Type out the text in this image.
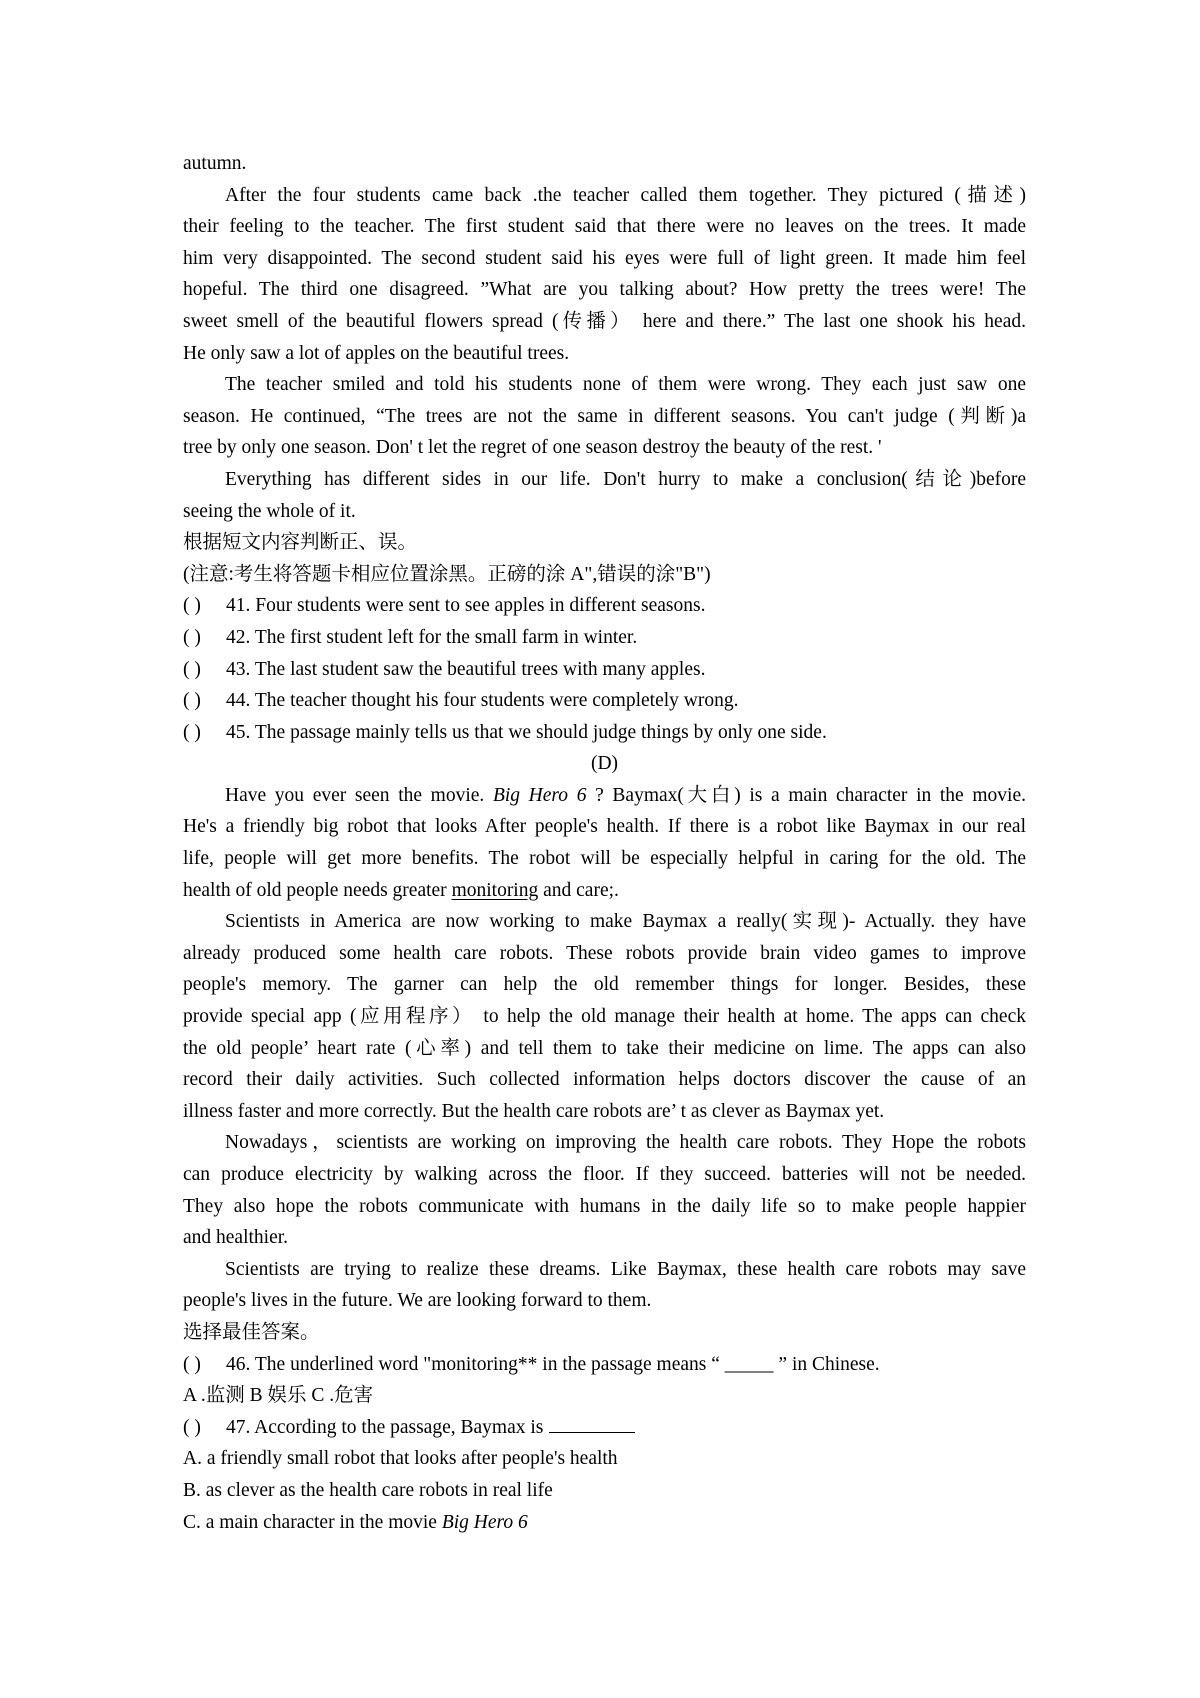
autumn.
After the four students came back .the teacher called them together. They pictured (描述)
their feeling to the teacher. The first student said that there were no leaves on the trees. It made
him very disappointed. The second student said his eyes were full of light green. It made him feel
hopeful. The third one disagreed. ”What are you talking about? How pretty the trees were! The
sweet smell of the beautiful flowers spread (传播） here and there.” The last one shook his head.
He only saw a lot of apples on the beautiful trees.
The teacher smiled and told his students none of them were wrong. They each just saw one
season. He continued, “The trees are not the same in different seasons. You can't judge (判断)a
tree by only one season. Don' t let the regret of one season destroy the beauty of the rest. '
Everything has different sides in our life. Don't hurry to make a conclusion(结论)before
seeing the whole of it.
根据短文内容判断正、误。
(注意:考生将答题卡相应位置涂黑。正磅的涂 A",错误的涂"B")
( ) 41. Four students were sent to see apples in different seasons.
( ) 42. The first student left for the small farm in winter.
( ) 43. The last student saw the beautiful trees with many apples.
( ) 44. The teacher thought his four students were completely wrong.
( ) 45. The passage mainly tells us that we should judge things by only one side.
(D)
Have you ever seen the movie. Big Hero 6 ? Baymax(大白) is a main character in the movie.
He's a friendly big robot that looks After people's health. If there is a robot like Baymax in our real
life, people will get more benefits. The robot will be especially helpful in caring for the old. The
health of old people needs greater monitoring and care;.
Scientists in America are now working to make Baymax a really(实现)- Actually. they have
already produced some health care robots. These robots provide brain video games to improve
people's memory. The garner can help the old remember things for longer. Besides, these
provide special app (应用程序） to help the old manage their health at home. The apps can check
the old people’ heart rate (心率) and tell them to take their medicine on lime. The apps can also
record their daily activities. Such collected information helps doctors discover the cause of an
illness faster and more correctly. But the health care robots are’ t as clever as Baymax yet.
Nowadays，scientists are working on improving the health care robots. They Hope the robots
can produce electricity by walking across the floor. If they succeed. batteries will not be needed.
They also hope the robots communicate with humans in the daily life so to make people happier
and healthier.
Scientists are trying to realize these dreams. Like Baymax, these health care robots may save
people's lives in the future. We are looking forward to them.
选择最佳答案。
( ) 46. The underlined word "monitoring** in the passage means “ _____ ” in Chinese.
A .监测 B 娱乐 C .危害
( ) 47. According to the passage, Baymax is
A. a friendly small robot that looks after people's health
B. as clever as the health care robots in real life
C. a main character in the movie Big Hero 6
